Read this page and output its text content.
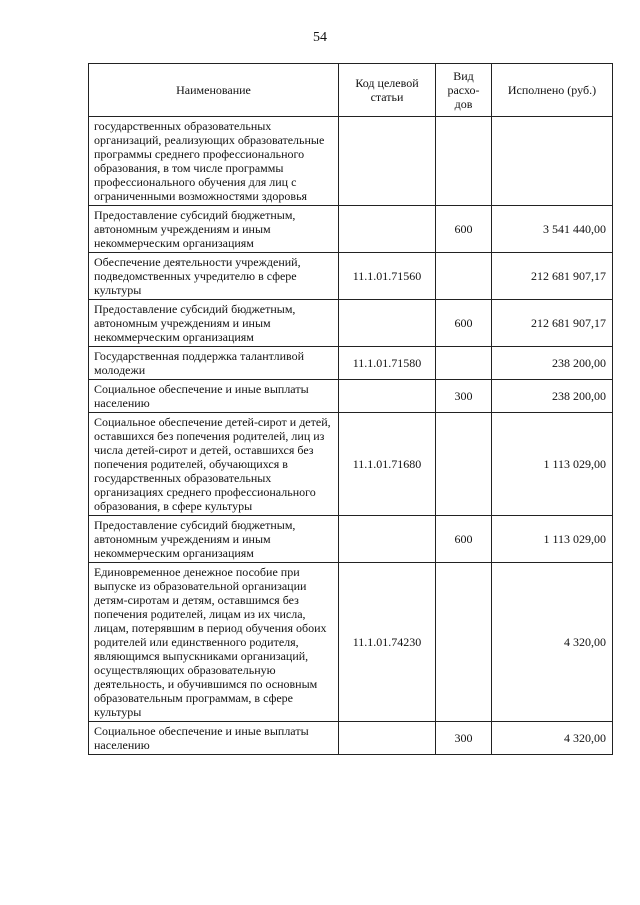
54
Наименование	Код целевой статьи	Вид расхо-дов	Исполнено (руб.)
государственных образовательных организаций, реализующих образовательные программы среднего профессионального образования, в том числе программы профессионального обучения для лиц с ограниченными возможностями здоровья			
Предоставление субсидий бюджетным, автономным учреждениям и иным некоммерческим организациям		600	3 541 440,00
Обеспечение деятельности учреждений, подведомственных учредителю в сфере культуры	11.1.01.71560		212 681 907,17
Предоставление субсидий бюджетным, автономным учреждениям и иным некоммерческим организациям		600	212 681 907,17
Государственная поддержка талантливой молодежи	11.1.01.71580		238 200,00
Социальное обеспечение и иные выплаты населению		300	238 200,00
Социальное обеспечение детей-сирот и детей, оставшихся без попечения родителей, лиц из числа детей-сирот и детей, оставшихся без попечения родителей, обучающихся в государственных образовательных организациях среднего профессионального образования, в сфере культуры	11.1.01.71680		1 113 029,00
Предоставление субсидий бюджетным, автономным учреждениям и иным некоммерческим организациям		600	1 113 029,00
Единовременное денежное пособие при выпуске из образовательной организации детям-сиротам и детям, оставшимся без попечения родителей, лицам из их числа, лицам, потерявшим в период обучения обоих родителей или единственного родителя, являющимся выпускниками организаций, осуществляющих образовательную деятельность, и обучившимся по основным образовательным программам, в сфере культуры	11.1.01.74230		4 320,00
Социальное обеспечение и иные выплаты населению		300	4 320,00
